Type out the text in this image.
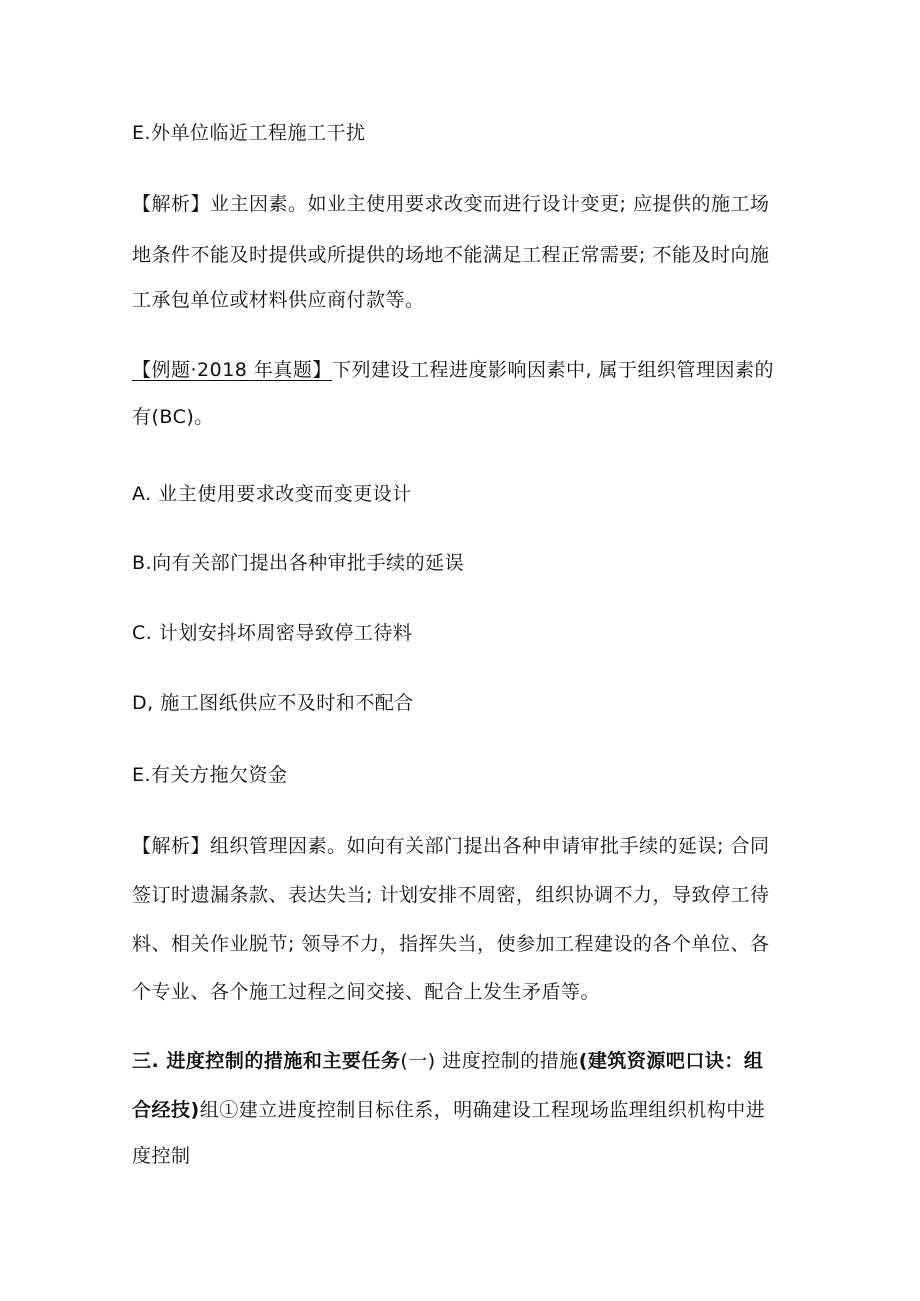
E.外单位临近工程施工干扰
【解析】业主因素。如业主使用要求改变而进行设计变更; 应提供的施工场
地条件不能及时提供或所提供的场地不能满足工程正常需要; 不能及时向施
工承包单位或材料供应商付款等。
【例题·2018 年真题】下列建设工程进度影响因素中, 属于组织管理因素的
有(BC)。
A. 业主使用要求改变而变更设计
B.向有关部门提出各种审批手续的延误
C. 计划安抖坏周密导致停工待料
D, 施工图纸供应不及时和不配合
E.有关方拖欠资金
【解析】组织管理因素。如向有关部门提出各种申请审批手续的延误; 合同
签订时遗漏条款、表达失当; 计划安排不周密，组织协调不力，导致停工待
料、相关作业脱节; 领导不力，指挥失当，使参加工程建设的各个单位、各
个专业、各个施工过程之间交接、配合上发生矛盾等。
三. 进度控制的措施和主要任务(一) 进度控制的措施(建筑资源吧口诀：组
合经技)组①建立进度控制目标住系，明确建设工程现场监理组织机构中进
度控制
